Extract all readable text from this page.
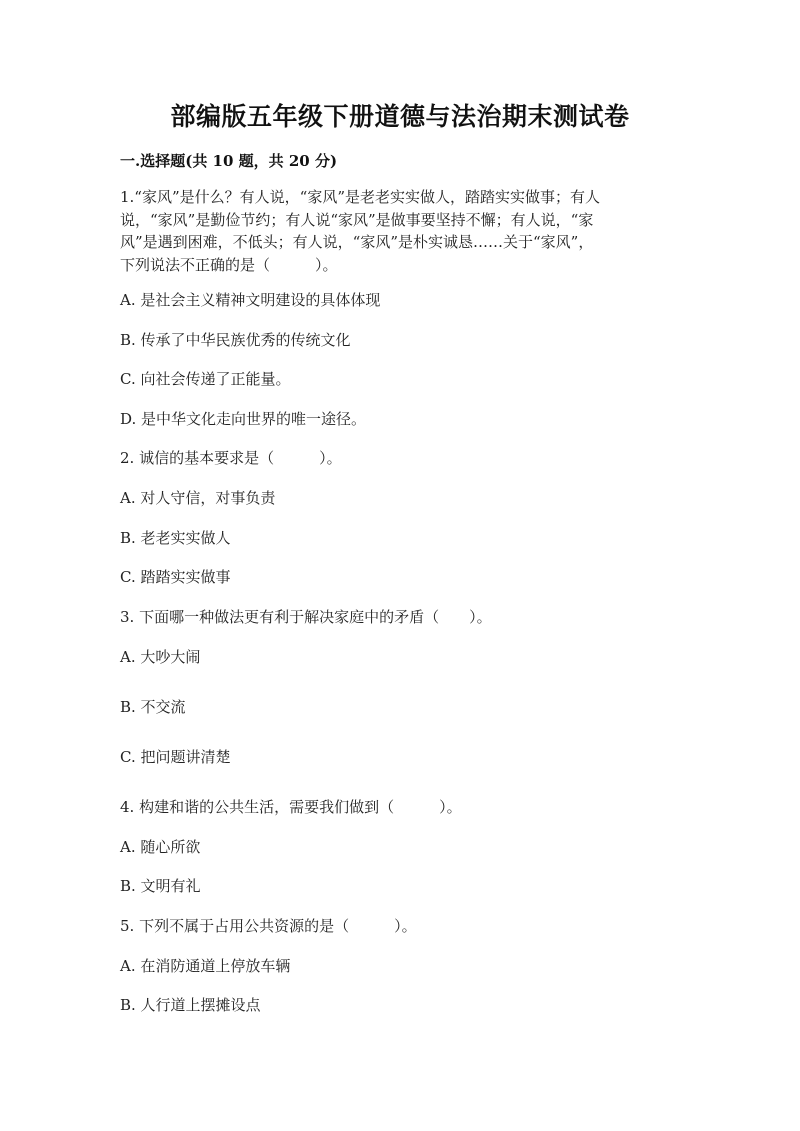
部编版五年级下册道德与法治期末测试卷
一.选择题(共 10 题，共 20 分)
1.“家风”是什么？有人说，“家风”是老老实实做人，踏踏实实做事；有人
说，“家风”是勤俭节约；有人说“家风”是做事要坚持不懈；有人说，“家
风”是遇到困难，不低头；有人说，“家风”是朴实诚恳……关于“家风”，
下列说法不正确的是（　　　）。
A. 是社会主义精神文明建设的具体体现
B. 传承了中华民族优秀的传统文化
C. 向社会传递了正能量。
D. 是中华文化走向世界的唯一途径。
2. 诚信的基本要求是（　　　）。
A. 对人守信，对事负责
B. 老老实实做人
C. 踏踏实实做事
3. 下面哪一种做法更有利于解决家庭中的矛盾（　　）。
A. 大吵大闹
B. 不交流
C. 把问题讲清楚
4. 构建和谐的公共生活，需要我们做到（　　　）。
A. 随心所欲
B. 文明有礼
5. 下列不属于占用公共资源的是（　　　）。
A. 在消防通道上停放车辆
B. 人行道上摆摊设点
